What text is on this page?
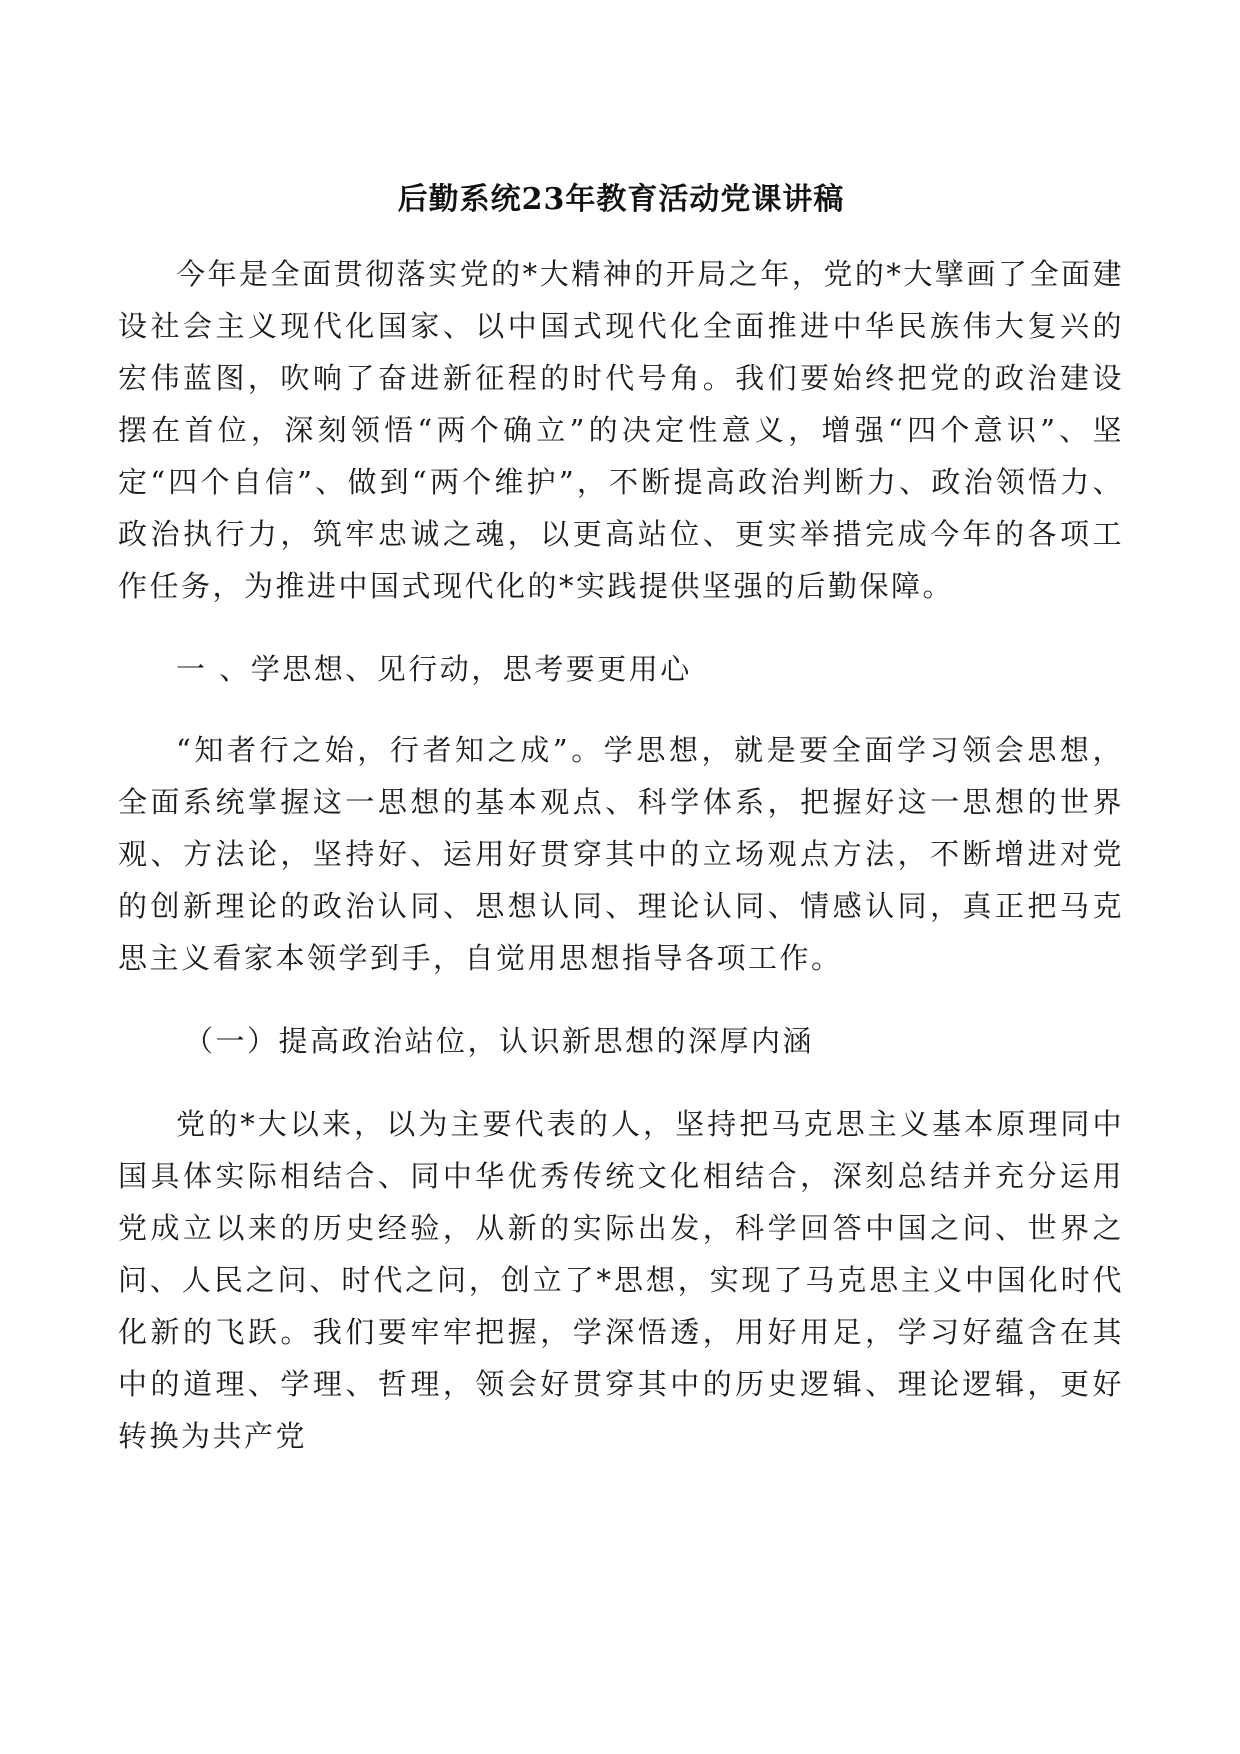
后勤系统23年教育活动党课讲稿

今年是全面贯彻落实党的*大精神的开局之年，党的*大擘画了全面建设社会主义现代化国家、以中国式现代化全面推进中华民族伟大复兴的宏伟蓝图，吹响了奋进新征程的时代号角。我们要始终把党的政治建设摆在首位，深刻领悟“两个确立”的决定性意义，增强“四个意识”、坚定“四个自信”、做到“两个维护”，不断提高政治判断力、政治领悟力、政治执行力，筑牢忠诚之魂，以更高站位、更实举措完成今年的各项工作任务，为推进中国式现代化的*实践提供坚强的后勤保障。

一 、学思想、见行动，思考要更用心

“知者行之始，行者知之成”。学思想，就是要全面学习领会思想，全面系统掌握这一思想的基本观点、科学体系，把握好这一思想的世界观、方法论，坚持好、运用好贯穿其中的立场观点方法，不断增进对党的创新理论的政治认同、思想认同、理论认同、情感认同，真正把马克思主义看家本领学到手，自觉用思想指导各项工作。

（一）提高政治站位，认识新思想的深厚内涵

党的*大以来，以为主要代表的人，坚持把马克思主义基本原理同中国具体实际相结合、同中华优秀传统文化相结合，深刻总结并充分运用党成立以来的历史经验，从新的实际出发，科学回答中国之问、世界之问、人民之问、时代之问，创立了*思想，实现了马克思主义中国化时代化新的飞跃。我们要牢牢把握，学深悟透，用好用足，学习好蕴含在其中的道理、学理、哲理，领会好贯穿其中的历史逻辑、理论逻辑，更好转换为共产党
